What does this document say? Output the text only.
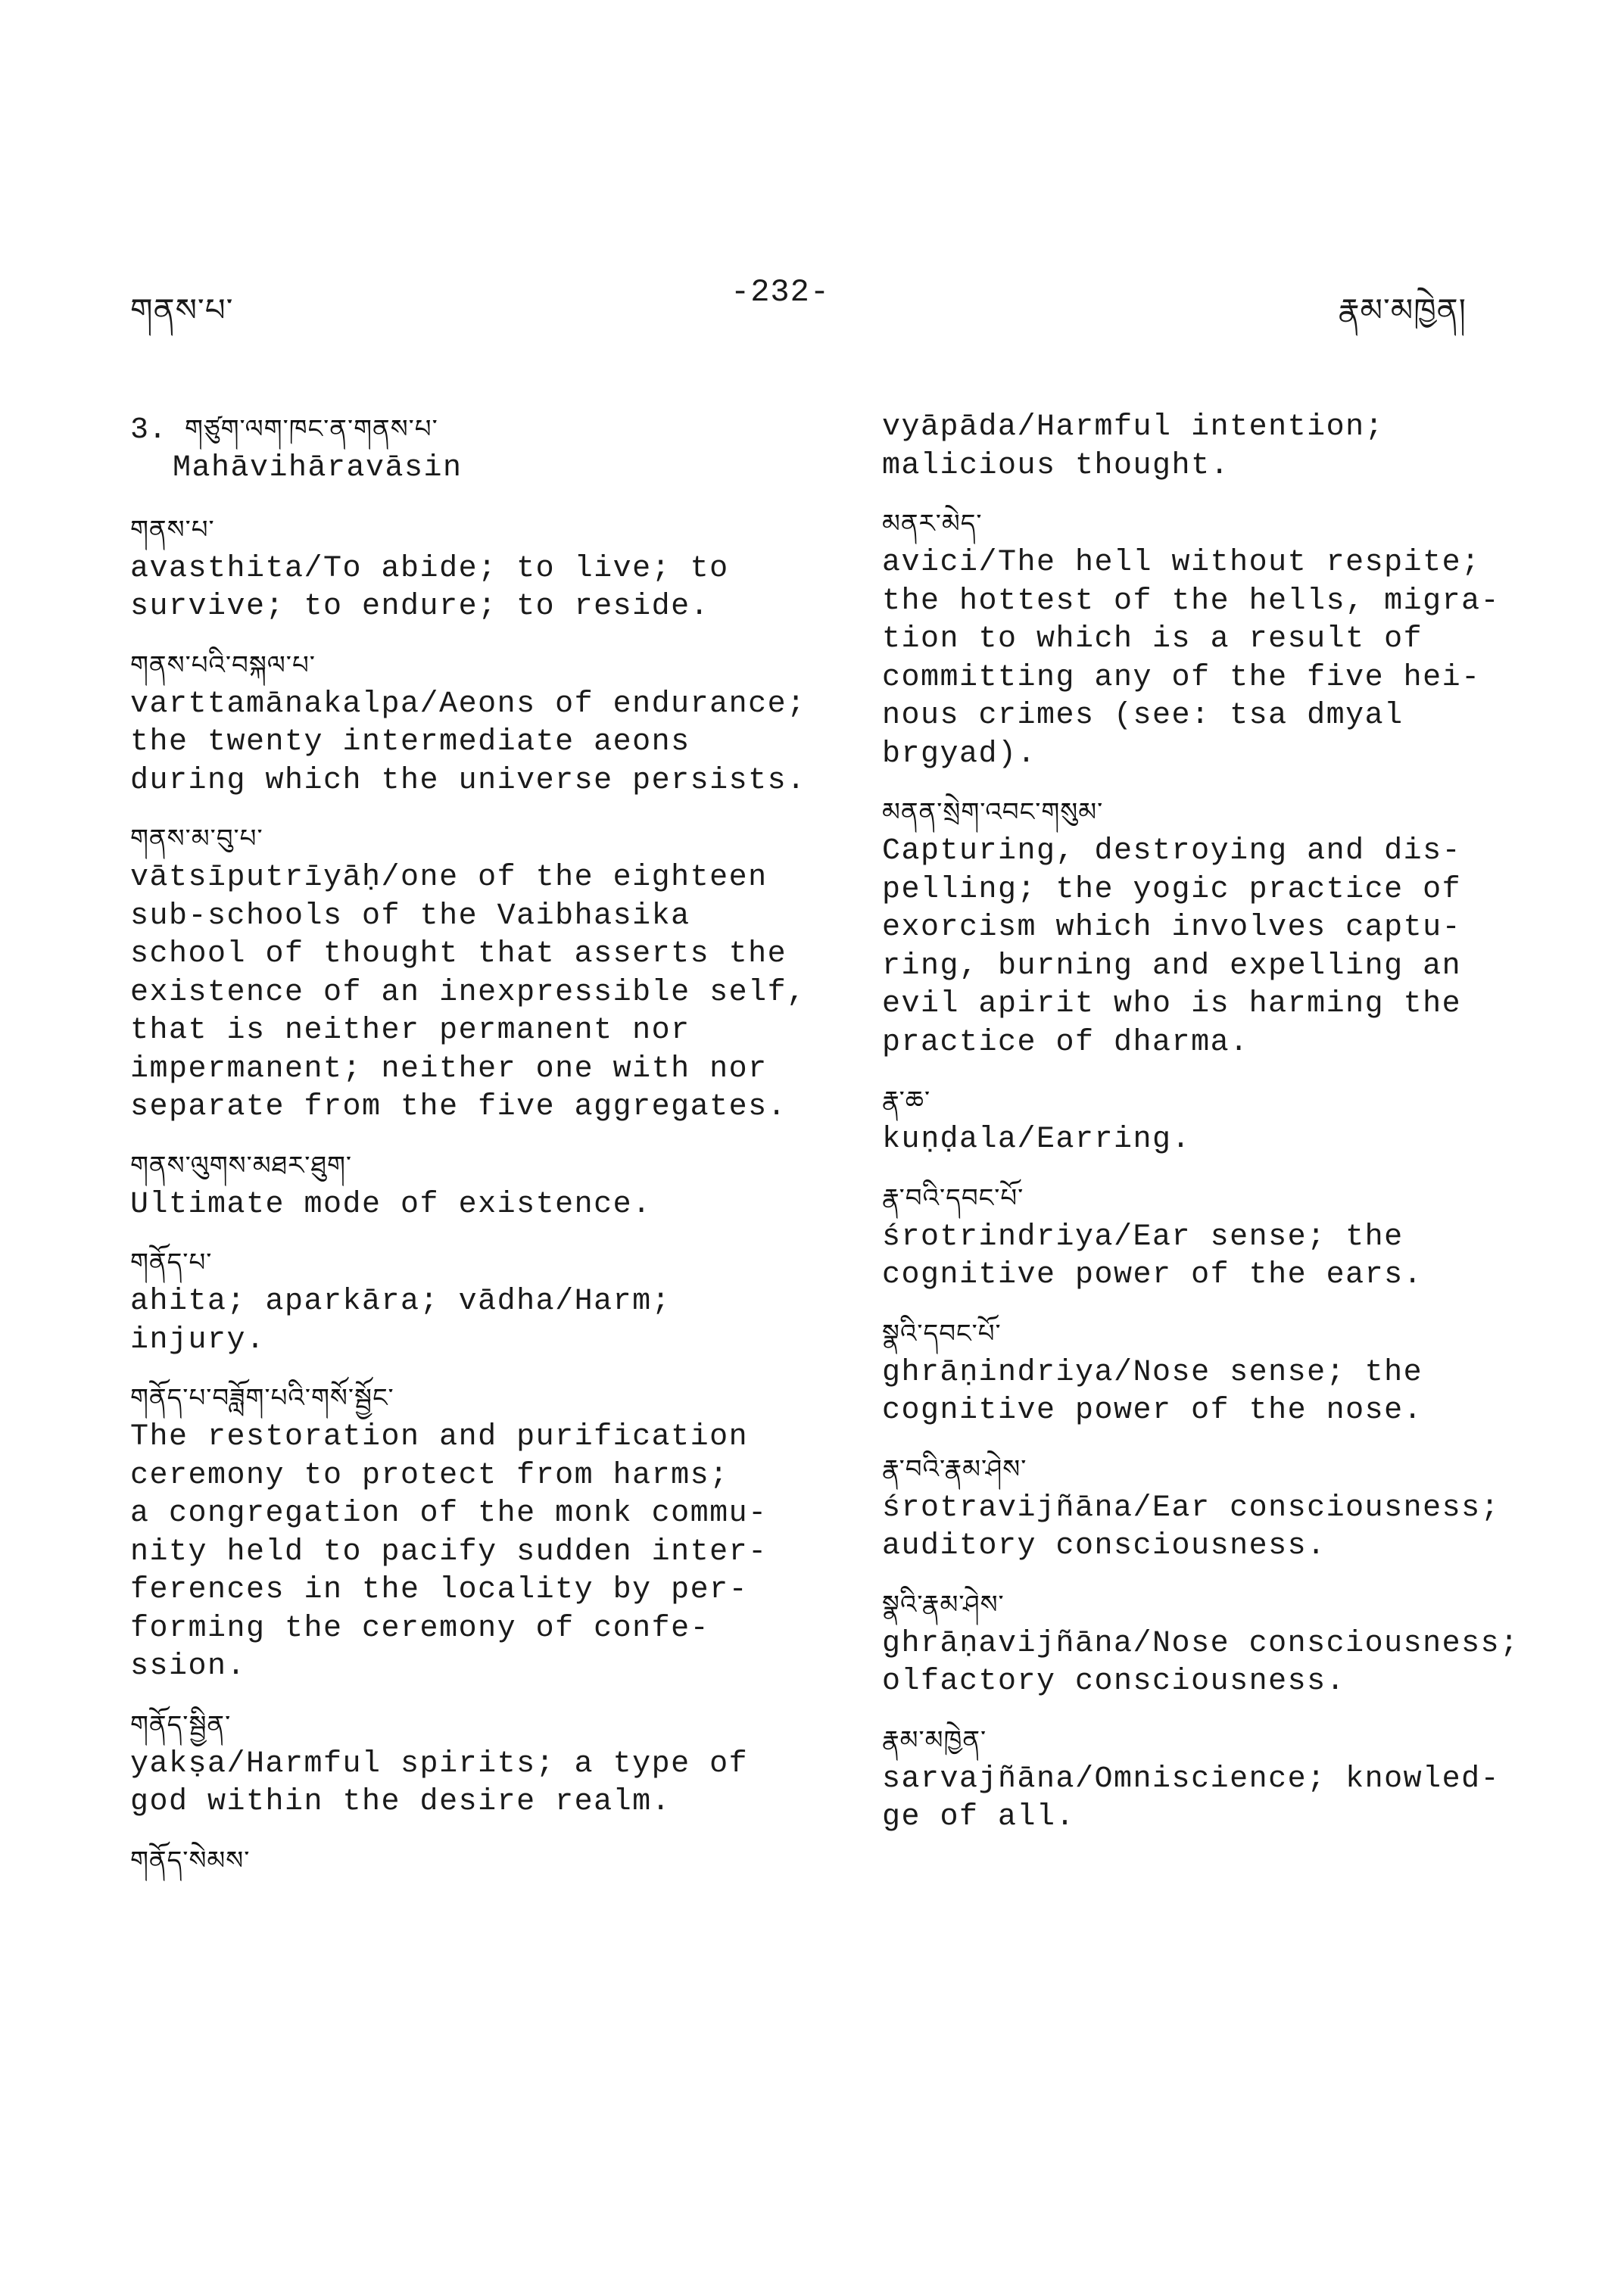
གནས་པ་	-232-	རྣམ་མཁྱེན།
3. གཙུག་ལག་ཁང་ན་གནས་པ་
Mahāvihāravāsin
གནས་པ་
avasthita/To abide; to live; to
survive; to endure; to reside.
གནས་པའི་བསྐལ་པ་
varttamānakalpa/Aeons of endurance;
the twenty intermediate aeons
during which the universe persists.
གནས་མ་བུ་པ་
vātsīputrīyāḥ/one of the eighteen
sub-schools of the Vaibhasika
school of thought that asserts the
existence of an inexpressible self,
that is neither permanent nor
impermanent; neither one with nor
separate from the five aggregates.
གནས་ལུགས་མཐར་ཐུག་
Ultimate mode of existence.
གནོད་པ་
ahita; aparkāra; vādha/Harm;
injury.
གནོད་པ་བཟློག་པའི་གསོ་སྦྱོང་
The restoration and purification
ceremony to protect from harms;
a congregation of the monk commu-
nity held to pacify sudden inter-
ferences in the locality by per-
forming the ceremony of confe-
ssion.
གནོད་སྦྱིན་
yakṣa/Harmful spirits; a type of
god within the desire realm.
གནོད་སེམས་
vyāpāda/Harmful intention;
malicious thought.
མནར་མེད་
avici/The hell without respite;
the hottest of the hells, migra-
tion to which is a result of
committing any of the five hei-
nous crimes (see: tsa dmyal
brgyad).
མནན་སྲེག་འབང་གསུམ་
Capturing, destroying and dis-
pelling; the yogic practice of
exorcism which involves captu-
ring, burning and expelling an
evil apirit who is harming the
practice of dharma.
རྣ་ཆ་
kuṇḍala/Earring.
རྣ་བའི་དབང་པོ་
śrotrindriya/Ear sense; the
cognitive power of the ears.
སྣའི་དབང་པོ་
ghrāṇindriya/Nose sense; the
cognitive power of the nose.
རྣ་བའི་རྣམ་ཤེས་
śrotravijñāna/Ear consciousness;
auditory consciousness.
སྣའི་རྣམ་ཤེས་
ghrāṇavijñāna/Nose consciousness;
olfactory consciousness.
རྣམ་མཁྱེན་
sarvajñāna/Omniscience; knowled-
ge of all.
